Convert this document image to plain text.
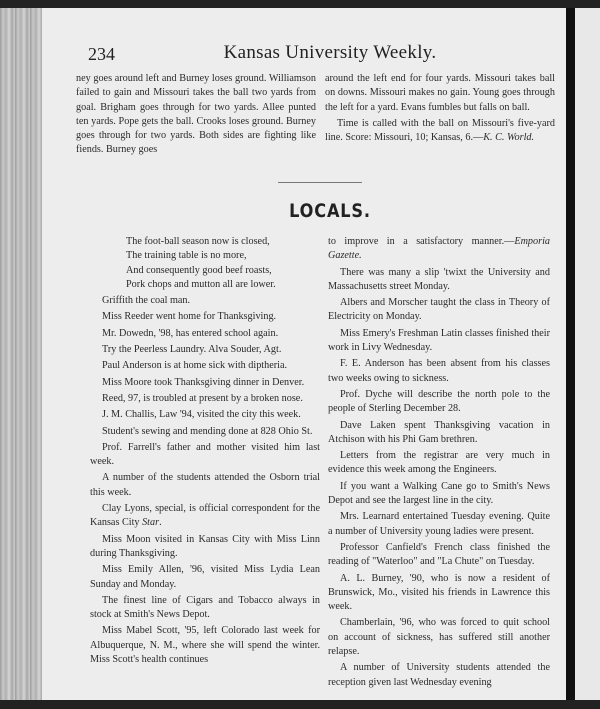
234	Kansas University Weekly.

ney goes around left and Burney loses ground. Williamson failed to gain and Missouri takes the ball two yards from goal. Brigham goes through for two yards. Allee punted ten yards. Pope gets the ball. Crooks loses ground. Burney goes through for two yards. Both sides are fighting like fiends. Burney goes

around the left end for four yards. Missouri takes ball on downs. Missouri makes no gain. Young goes through the left for a yard. Evans fumbles but falls on ball.

Time is called with the ball on Missouri's five-yard line. Score: Missouri, 10; Kansas, 6.—K. C. World.

LOCALS.
The foot-ball season now is closed,
The training table is no more,
And consequently good beef roasts,
Pork chops and mutton all are lower.

Griffith the coal man.

Miss Reeder went home for Thanksgiving.

Mr. Dowedn, '98, has entered school again.

Try the Peerless Laundry. Alva Souder, Agt.

Paul Anderson is at home sick with diptheria.

Miss Moore took Thanksgiving dinner in Denver.

Reed, 97, is troubled at present by a broken nose.

J. M. Challis, Law '94, visited the city this week.

Student's sewing and mending done at 828 Ohio St.

Prof. Farrell's father and mother visited him last week.

A number of the students attended the Osborn trial this week.

Clay Lyons, special, is official correspondent for the Kansas City Star.

Miss Moon visited in Kansas City with Miss Linn during Thanksgiving.

Miss Emily Allen, '96, visited Miss Lydia Lean Sunday and Monday.

The finest line of Cigars and Tobacco always in stock at Smith's News Depot.

Miss Mabel Scott, '95, left Colorado last week for Albuquerque, N. M., where she will spend the winter. Miss Scott's health continues

to improve in a satisfactory manner.—Emporia Gazette.

There was many a slip 'twixt the University and Massachusetts street Monday.

Albers and Morscher taught the class in Theory of Electricity on Monday.

Miss Emery's Freshman Latin classes finished their work in Livy Wednesday.

F. E. Anderson has been absent from his classes two weeks owing to sickness.

Prof. Dyche will describe the north pole to the people of Sterling December 28.

Dave Laken spent Thanksgiving vacation in Atchison with his Phi Gam brethren.

Letters from the registrar are very much in evidence this week among the Engineers.

If you want a Walking Cane go to Smith's News Depot and see the largest line in the city.

Mrs. Learnard entertained Tuesday evening. Quite a number of University young ladies were present.

Professor Canfield's French class finished the reading of "Waterloo" and "La Chute" on Tuesday.

A. L. Burney, '90, who is now a resident of Brunswick, Mo., visited his friends in Lawrence this week.

Chamberlain, '96, who was forced to quit school on account of sickness, has suffered still another relapse.

A number of University students attended the reception given last Wednesday evening
